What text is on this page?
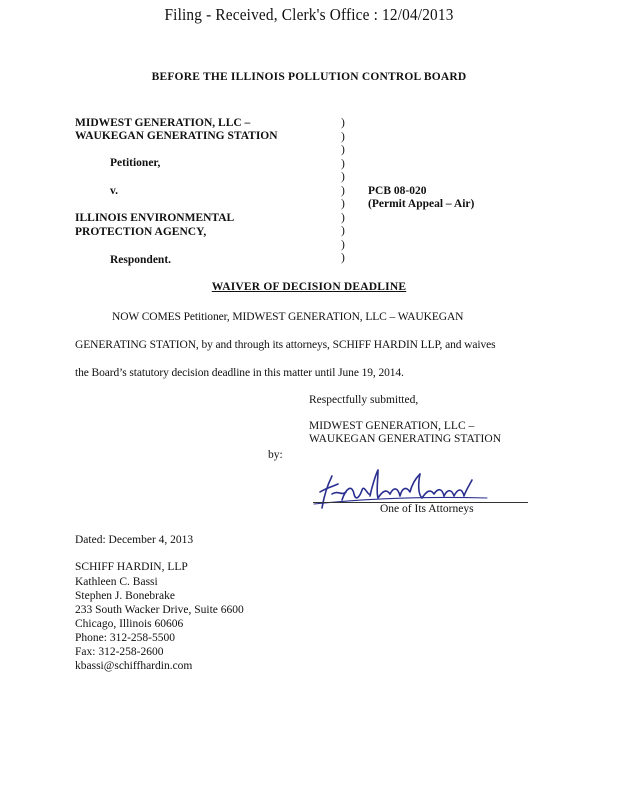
Filing - Received, Clerk's Office : 12/04/2013
BEFORE THE ILLINOIS POLLUTION CONTROL BOARD
MIDWEST GENERATION, LLC –
WAUKEGAN GENERATING STATION
Petitioner,
v.
ILLINOIS ENVIRONMENTAL
PROTECTION AGENCY,
Respondent.
)
)
)
)
)
)
)
)
)
)
)
PCB 08-020
(Permit Appeal – Air)
WAIVER OF DECISION DEADLINE
NOW COMES Petitioner, MIDWEST GENERATION, LLC – WAUKEGAN
GENERATING STATION, by and through its attorneys, SCHIFF HARDIN LLP, and waives
the Board’s statutory decision deadline in this matter until June 19, 2014.
Respectfully submitted,
MIDWEST GENERATION, LLC –
WAUKEGAN GENERATING STATION
by:
One of Its Attorneys
Dated: December 4, 2013
SCHIFF HARDIN, LLP
Kathleen C. Bassi
Stephen J. Bonebrake
233 South Wacker Drive, Suite 6600
Chicago, Illinois 60606
Phone: 312-258-5500
Fax: 312-258-2600
kbassi@schiffhardin.com
